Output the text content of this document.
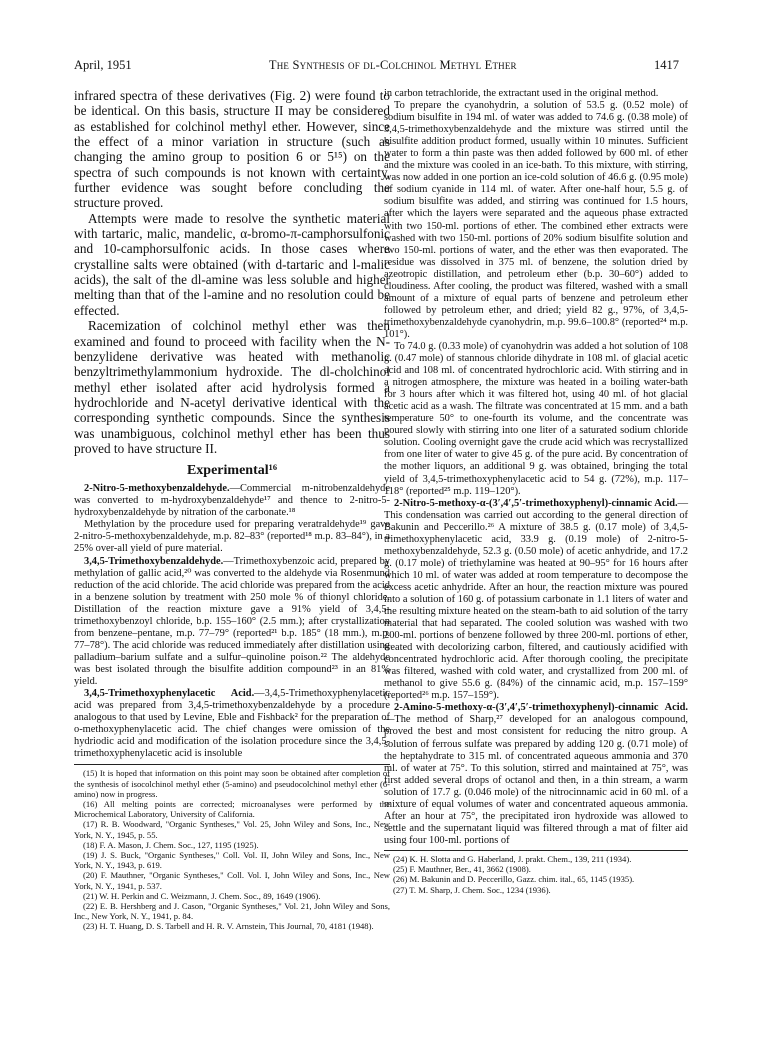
April, 1951	The Synthesis of dl-Colchinol Methyl Ether	1417

infrared spectra of these derivatives (Fig. 2) were found to be identical. On this basis, structure II may be considered as established for colchinol methyl ether. However, since the effect of a minor variation in structure (such as changing the amino group to position 6 or 5¹⁵) on the spectra of such compounds is not known with certainty, further evidence was sought before concluding the structure proved.

Attempts were made to resolve the synthetic material with tartaric, malic, mandelic, α-bromo-π-camphorsulfonic and 10-camphorsulfonic acids. In those cases where crystalline salts were obtained (with d-tartaric and l-malic acids), the salt of the dl-amine was less soluble and higher melting than that of the l-amine and no resolution could be effected.

Racemization of colchinol methyl ether was then examined and found to proceed with facility when the N-benzylidene derivative was heated with methanolic benzyltrimethylammonium hydroxide. The dl-cholchinol methyl ether isolated after acid hydrolysis formed a hydrochloride and N-acetyl derivative identical with the corresponding synthetic compounds. Since the synthesis was unambiguous, colchinol methyl ether has been thus proved to have structure II.

Experimental¹⁶

2-Nitro-5-methoxybenzaldehyde.—Commercial m-nitrobenzaldehyde was converted to m-hydroxybenzaldehyde¹⁷ and thence to 2-nitro-5-hydroxybenzaldehyde by nitration of the carbonate.¹⁸

Methylation by the procedure used for preparing veratraldehyde¹⁹ gave 2-nitro-5-methoxybenzaldehyde, m.p. 82–83° (reported¹⁸ m.p. 83–84°), in a 25% over-all yield of pure material.

3,4,5-Trimethoxybenzaldehyde.—Trimethoxybenzoic acid, prepared by methylation of gallic acid,²⁰ was converted to the aldehyde via Rosenmund reduction of the acid chloride. The acid chloride was prepared from the acid in a benzene solution by treatment with 250 mole % of thionyl chloride. Distillation of the reaction mixture gave a 91% yield of 3,4,5-trimethoxybenzoyl chloride, b.p. 155–160° (2.5 mm.); after crystallization from benzene–pentane, m.p. 77–79° (reported²¹ b.p. 185° (18 mm.), m.p. 77–78°). The acid chloride was reduced immediately after distillation using palladium–barium sulfate and a sulfur–quinoline poison.²² The aldehyde was best isolated through the bisulfite addition compound²³ in an 81% yield.

3,4,5-Trimethoxyphenylacetic Acid.—3,4,5-Trimethoxyphenylacetic acid was prepared from 3,4,5-trimethoxybenzaldehyde by a procedure analogous to that used by Levine, Eble and Fishback² for the preparation of o-methoxyphenylacetic acid. The chief changes were omission of the hydriodic acid and modification of the isolation procedure since the 3,4,5-trimethoxyphenylacetic acid is insoluble

(15) It is hoped that information on this point may soon be obtained after completion of the synthesis of isocolchinol methyl ether (5-amino) and pseudocolchinol methyl ether (6-amino) now in progress.

(16) All melting points are corrected; microanalyses were performed by the Microchemical Laboratory, University of California.

(17) R. B. Woodward, "Organic Syntheses," Vol. 25, John Wiley and Sons, Inc., New York, N. Y., 1945, p. 55.

(18) F. A. Mason, J. Chem. Soc., 127, 1195 (1925).

(19) J. S. Buck, "Organic Syntheses," Coll. Vol. II, John Wiley and Sons, Inc., New York, N. Y., 1943, p. 619.

(20) F. Mauthner, "Organic Syntheses," Coll. Vol. I, John Wiley and Sons, Inc., New York, N. Y., 1941, p. 537.

(21) W. H. Perkin and C. Weizmann, J. Chem. Soc., 89, 1649 (1906).

(22) E. B. Hershberg and J. Cason, "Organic Syntheses," Vol. 21, John Wiley and Sons, Inc., New York, N. Y., 1941, p. 84.

(23) H. T. Huang, D. S. Tarbell and H. R. V. Arnstein, This Journal, 70, 4181 (1948).

in carbon tetrachloride, the extractant used in the original method.

To prepare the cyanohydrin, a solution of 53.5 g. (0.52 mole) of sodium bisulfite in 194 ml. of water was added to 74.6 g. (0.38 mole) of 3,4,5-trimethoxybenzaldehyde and the mixture was stirred until the bisulfite addition product formed, usually within 10 minutes. Sufficient water to form a thin paste was then added followed by 600 ml. of ether and the mixture was cooled in an ice-bath. To this mixture, with stirring, was now added in one portion an ice-cold solution of 46.6 g. (0.95 mole) of sodium cyanide in 114 ml. of water. After one-half hour, 5.5 g. of sodium bisulfite was added, and stirring was continued for 1.5 hours, after which the layers were separated and the aqueous phase extracted with two 150-ml. portions of ether. The combined ether extracts were washed with two 150-ml. portions of 20% sodium bisulfite solution and two 150-ml. portions of water, and the ether was then evaporated. The residue was dissolved in 375 ml. of benzene, the solution dried by azeotropic distillation, and petroleum ether (b.p. 30–60°) added to cloudiness. After cooling, the product was filtered, washed with a small amount of a mixture of equal parts of benzene and petroleum ether followed by petroleum ether, and dried; yield 82 g., 97%, of 3,4,5-trimethoxybenzaldehyde cyanohydrin, m.p. 99.6–100.8° (reported²⁴ m.p. 101°).

To 74.0 g. (0.33 mole) of cyanohydrin was added a hot solution of 108 g. (0.47 mole) of stannous chloride dihydrate in 108 ml. of glacial acetic acid and 108 ml. of concentrated hydrochloric acid. With stirring and in a nitrogen atmosphere, the mixture was heated in a boiling water-bath for 3 hours after which it was filtered hot, using 40 ml. of hot glacial acetic acid as a wash. The filtrate was concentrated at 15 mm. and a bath temperature 50° to one-fourth its volume, and the concentrate was poured slowly with stirring into one liter of a saturated sodium chloride solution. Cooling overnight gave the crude acid which was recrystallized from one liter of water to give 45 g. of the pure acid. By concentration of the mother liquors, an additional 9 g. was obtained, bringing the total yield of 3,4,5-trimethoxyphenylacetic acid to 54 g. (72%), m.p. 117–118° (reported²⁵ m.p. 119–120°).

2-Nitro-5-methoxy-α-(3′,4′,5′-trimethoxyphenyl)-cinnamic Acid.—This condensation was carried out according to the general direction of Bakunin and Peccerillo.²⁶ A mixture of 38.5 g. (0.17 mole) of 3,4,5-trimethoxyphenylacetic acid, 33.9 g. (0.19 mole) of 2-nitro-5-methoxybenzaldehyde, 52.3 g. (0.50 mole) of acetic anhydride, and 17.2 g. (0.17 mole) of triethylamine was heated at 90–95° for 16 hours after which 10 ml. of water was added at room temperature to decompose the excess acetic anhydride. After an hour, the reaction mixture was poured into a solution of 160 g. of potassium carbonate in 1.1 liters of water and the resulting mixture heated on the steam-bath to aid solution of the tarry material that had separated. The cooled solution was washed with two 200-ml. portions of benzene followed by three 200-ml. portions of ether, treated with decolorizing carbon, filtered, and cautiously acidified with concentrated hydrochloric acid. After thorough cooling, the precipitate was filtered, washed with cold water, and crystallized from 200 ml. of methanol to give 55.6 g. (84%) of the cinnamic acid, m.p. 157–159° (reported²⁶ m.p. 157–159°).

2-Amino-5-methoxy-α-(3′,4′,5′-trimethoxyphenyl)-cinnamic Acid.—The method of Sharp,²⁷ developed for an analogous compound, proved the best and most consistent for reducing the nitro group. A solution of ferrous sulfate was prepared by adding 120 g. (0.71 mole) of the heptahydrate to 315 ml. of concentrated aqueous ammonia and 370 ml. of water at 75°. To this solution, stirred and maintained at 75°, was first added several drops of octanol and then, in a thin stream, a warm solution of 17.7 g. (0.046 mole) of the nitrocinnamic acid in 60 ml. of a mixture of equal volumes of water and concentrated aqueous ammonia. After an hour at 75°, the precipitated iron hydroxide was allowed to settle and the supernatant liquid was filtered through a mat of filter aid using four 100-ml. portions of

(24) K. H. Slotta and G. Haberland, J. prakt. Chem., 139, 211 (1934).

(25) F. Mauthner, Ber., 41, 3662 (1908).

(26) M. Bakunin and D. Peccerillo, Gazz. chim. ital., 65, 1145 (1935).

(27) T. M. Sharp, J. Chem. Soc., 1234 (1936).
